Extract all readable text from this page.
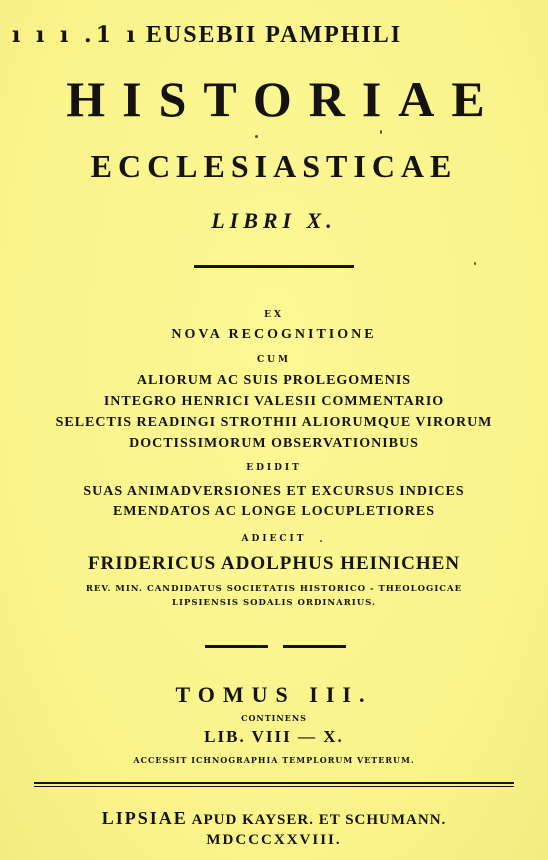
ı ı ı .1 ı EUSEBII PAMPHILI
HISTORIAE
ECCLESIASTICAE
LIBRI X.
EX
NOVA RECOGNITIONE
CUM
ALIORUM AC SUIS PROLEGOMENIS
INTEGRO HENRICI VALESII COMMENTARIO
SELECTIS READINGI STROTHII ALIORUMQUE VIRORUM
DOCTISSIMORUM OBSERVATIONIBUS
EDIDIT
SUAS ANIMADVERSIONES ET EXCURSUS INDICES
EMENDATOS AC LONGE LOCUPLETIORES
ADIECIT
FRIDERICUS ADOLPHUS HEINICHEN
REV. MIN. CANDIDATUS SOCIETATIS HISTORICO - THEOLOGICAE
LIPSIENSIS SODALIS ORDINARIUS.
TOMUS III.
CONTINENS
LIB. VIII — X.
ACCESSIT ICHNOGRAPHIA TEMPLORUM VETERUM.
LIPSIAE APUD KAYSER. ET SCHUMANN.
MDCCCXXVIII.
